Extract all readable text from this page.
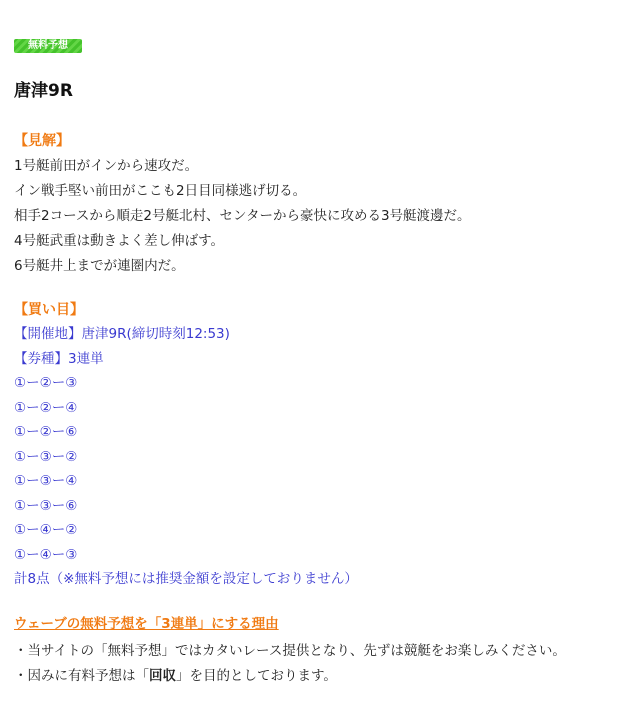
無料予想
唐津9R
【見解】
1号艇前田がインから速攻だ。
イン戦手堅い前田がここも2日目同様逃げ切る。
相手2コースから順走2号艇北村、センターから豪快に攻める3号艇渡邊だ。
4号艇武重は動きよく差し伸ばす。
6号艇井上までが連圏内だ。
【買い目】
【開催地】唐津9R(締切時刻12:53)
【券種】3連単
①ー②ー③
①ー②ー④
①ー②ー⑥
①ー③ー②
①ー③ー④
①ー③ー⑥
①ー④ー②
①ー④ー③
計8点（※無料予想には推奨金額を設定しておりません）
ウェーブの無料予想を「3連単」にする理由
・当サイトの「無料予想」ではカタいレース提供となり、先ずは競艇をお楽しみください。
・因みに有料予想は「回収」を目的としております。
